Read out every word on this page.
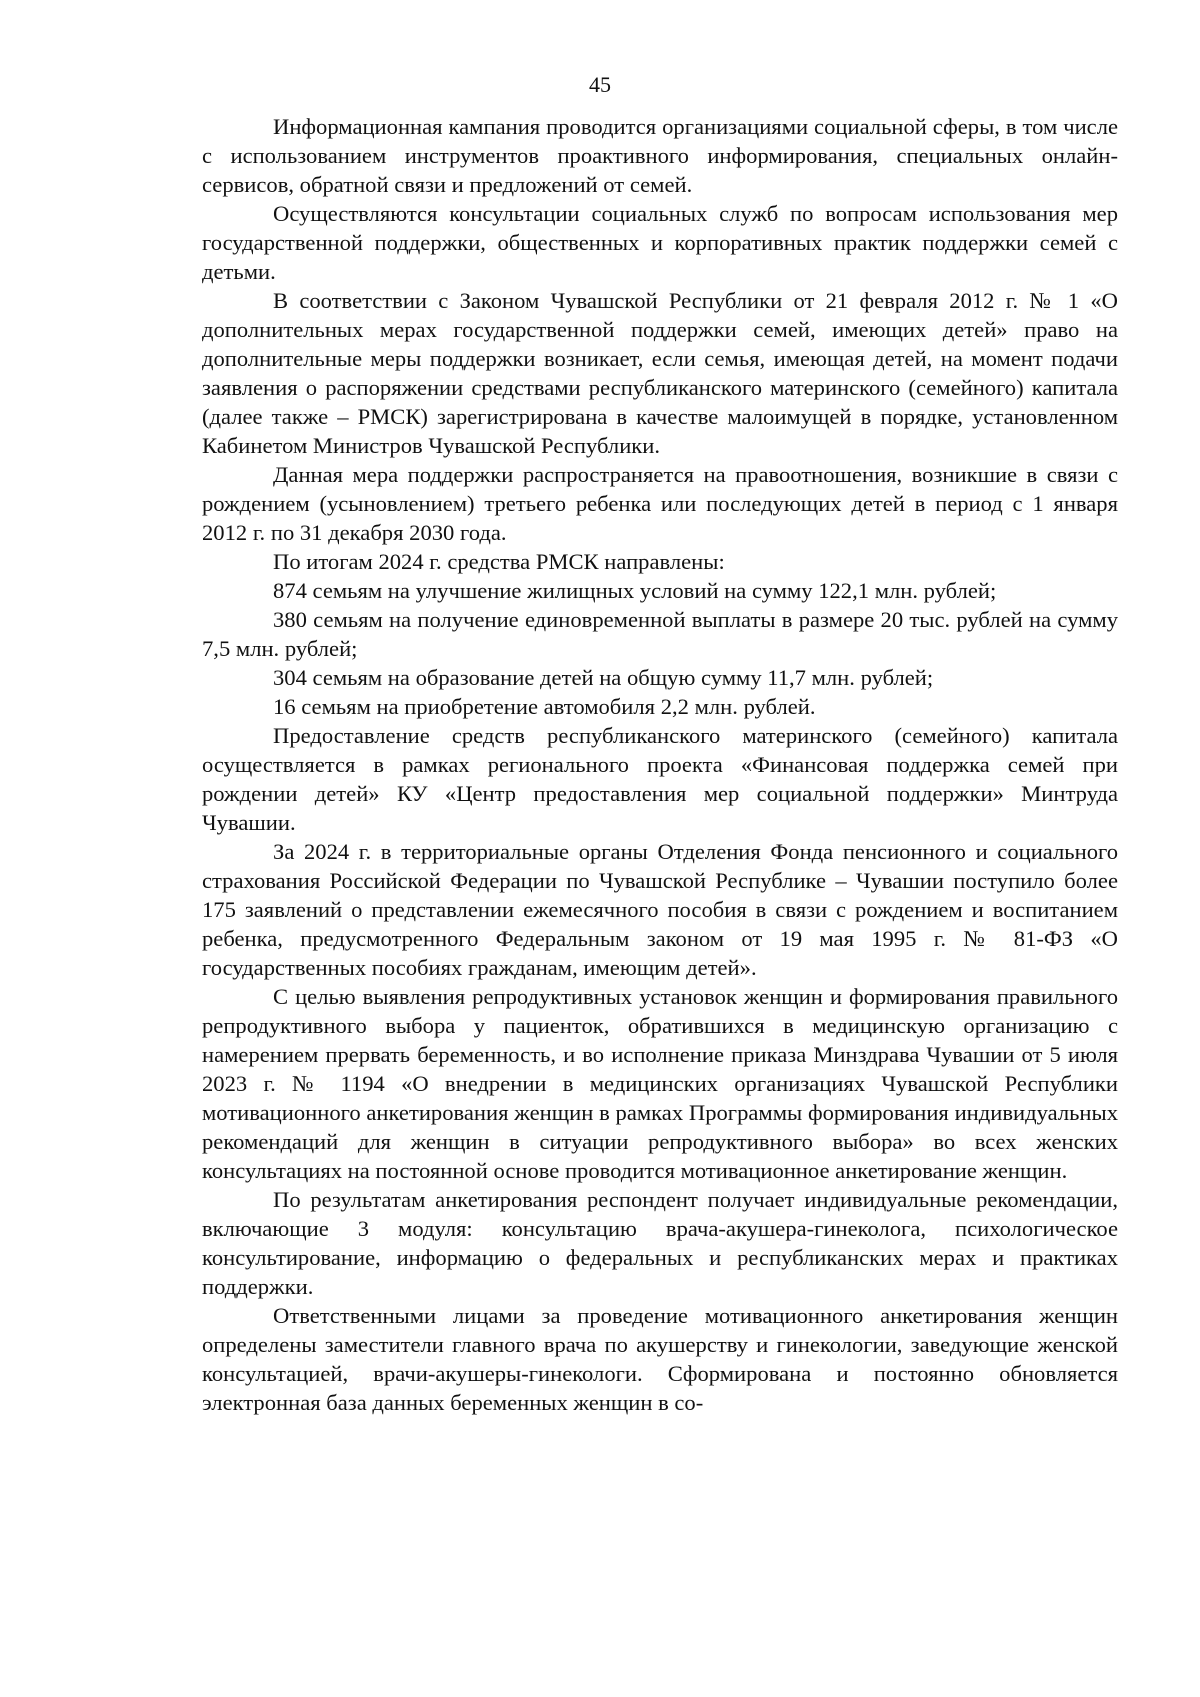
45

Информационная кампания проводится организациями социальной сферы, в том числе с использованием инструментов проактивного информирования, специальных онлайн-сервисов, обратной связи и предложений от семей.

Осуществляются консультации социальных служб по вопросам использования мер государственной поддержки, общественных и корпоративных практик поддержки семей с детьми.

В соответствии с Законом Чувашской Республики от 21 февраля 2012 г. № 1 «О дополнительных мерах государственной поддержки семей, имеющих детей» право на дополнительные меры поддержки возникает, если семья, имеющая детей, на момент подачи заявления о распоряжении средствами республиканского материнского (семейного) капитала (далее также – РМСК) зарегистрирована в качестве малоимущей в порядке, установленном Кабинетом Министров Чувашской Республики.

Данная мера поддержки распространяется на правоотношения, возникшие в связи с рождением (усыновлением) третьего ребенка или последующих детей в период с 1 января 2012 г. по 31 декабря 2030 года.

По итогам 2024 г. средства РМСК направлены:

874 семьям на улучшение жилищных условий на сумму 122,1 млн. рублей;

380 семьям на получение единовременной выплаты в размере 20 тыс. рублей на сумму 7,5 млн. рублей;

304 семьям на образование детей на общую сумму 11,7 млн. рублей;

16 семьям на приобретение автомобиля 2,2 млн. рублей.

Предоставление средств республиканского материнского (семейного) капитала осуществляется в рамках регионального проекта «Финансовая поддержка семей при рождении детей» КУ «Центр предоставления мер социальной поддержки» Минтруда Чувашии.

За 2024 г. в территориальные органы Отделения Фонда пенсионного и социального страхования Российской Федерации по Чувашской Республике – Чувашии поступило более 175 заявлений о представлении ежемесячного пособия в связи с рождением и воспитанием ребенка, предусмотренного Федеральным законом от 19 мая 1995 г. № 81-ФЗ «О государственных пособиях гражданам, имеющим детей».

С целью выявления репродуктивных установок женщин и формирования правильного репродуктивного выбора у пациенток, обратившихся в медицинскую организацию с намерением прервать беременность, и во исполнение приказа Минздрава Чувашии от 5 июля 2023 г. № 1194 «О внедрении в медицинских организациях Чувашской Республики мотивационного анкетирования женщин в рамках Программы формирования индивидуальных рекомендаций для женщин в ситуации репродуктивного выбора» во всех женских консультациях на постоянной основе проводится мотивационное анкетирование женщин.

По результатам анкетирования респондент получает индивидуальные рекомендации, включающие 3 модуля: консультацию врача-акушера-гинеколога, психологическое консультирование, информацию о федеральных и республиканских мерах и практиках поддержки.

Ответственными лицами за проведение мотивационного анкетирования женщин определены заместители главного врача по акушерству и гинекологии, заведующие женской консультацией, врачи-акушеры-гинекологи. Сформирована и постоянно обновляется электронная база данных беременных женщин в со-
